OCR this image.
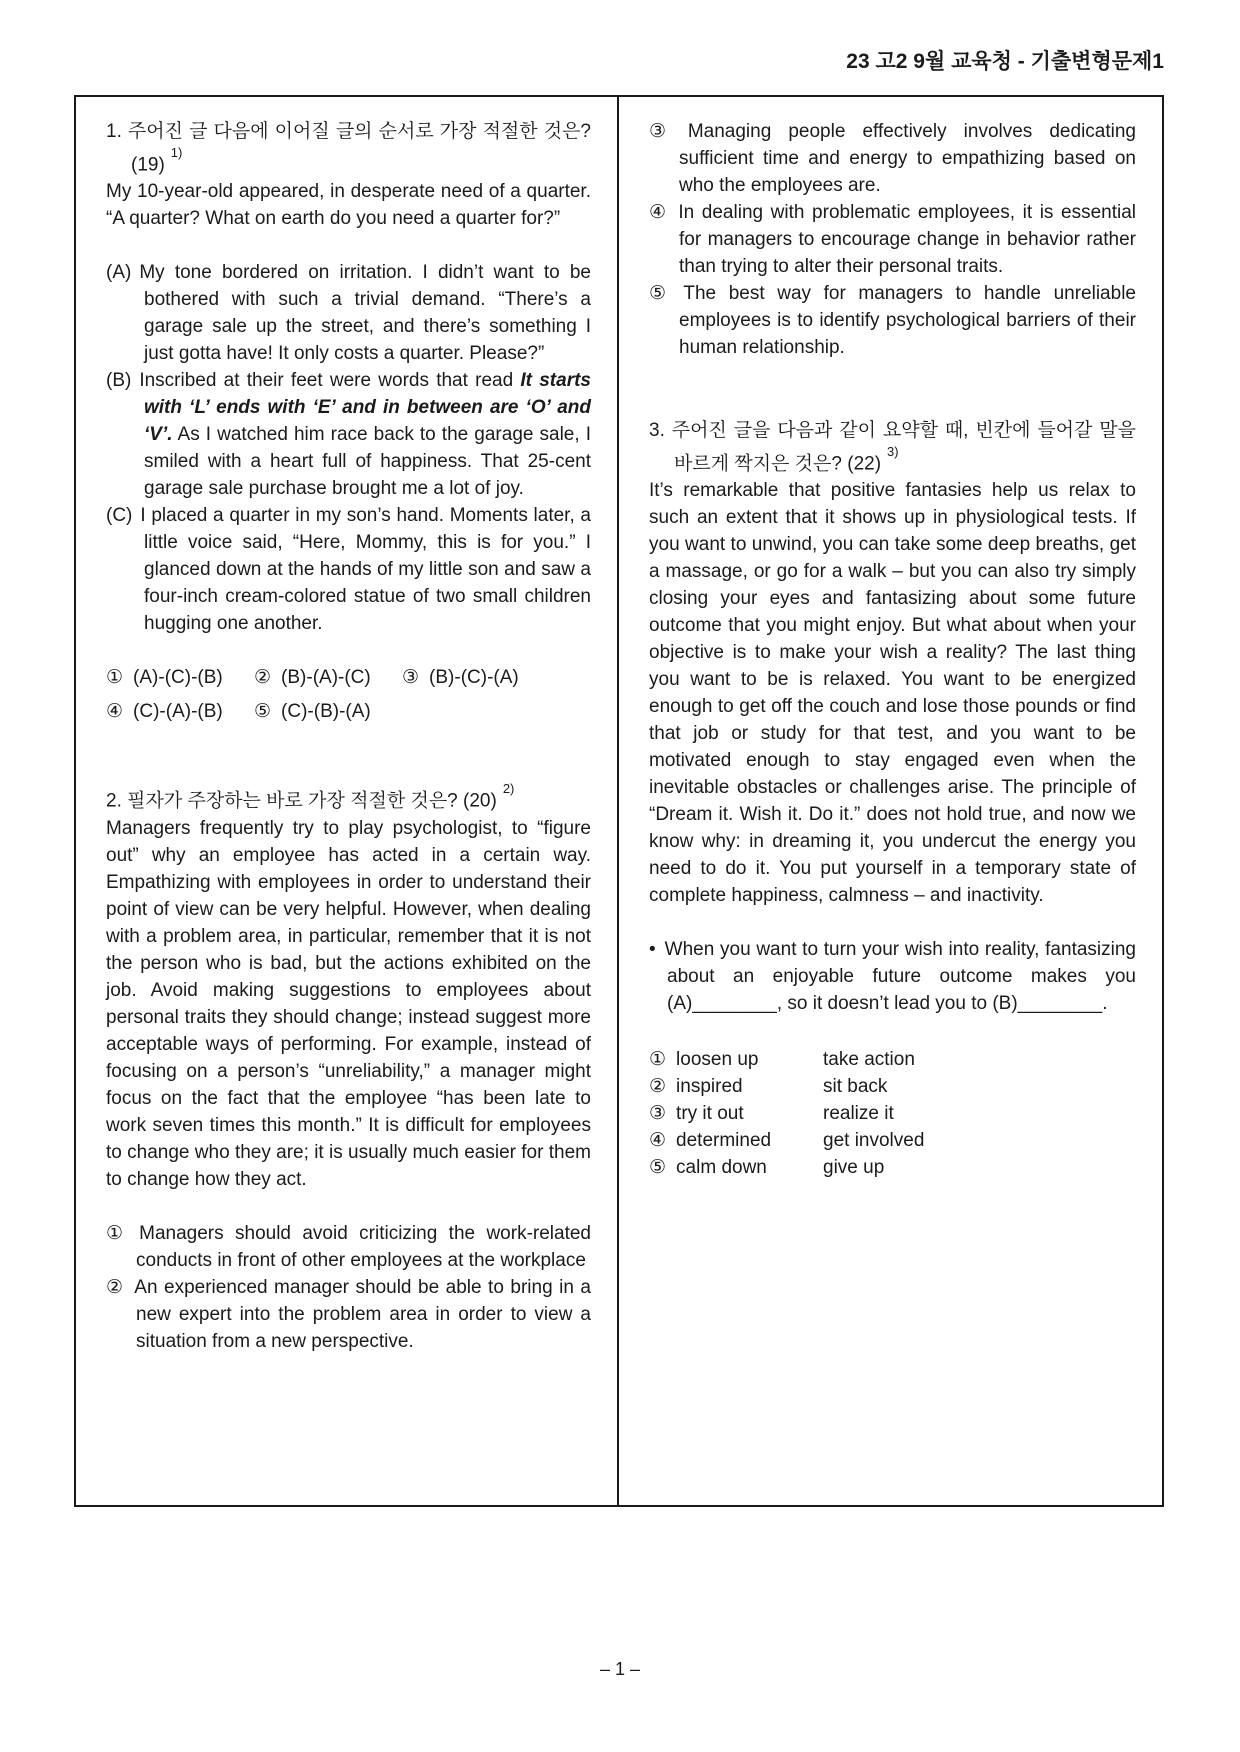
23 고2 9월 교육청 - 기출변형문제1

1. 주어진 글 다음에 이어질 글의 순서로 가장 적절한 것은? (19)$^{1)}$

My 10-year-old appeared, in desperate need of a quarter. “A quarter? What on earth do you need a quarter for?”

(A) My tone bordered on irritation. I didn’t want to be bothered with such a trivial demand. “There’s a garage sale up the street, and there’s something I just gotta have! It only costs a quarter. Please?”

(B) Inscribed at their feet were words that read It starts with ‘L’ ends with ‘E’ and in between are ‘O’ and ‘V’. As I watched him race back to the garage sale, I smiled with a heart full of happiness. That 25-cent garage sale purchase brought me a lot of joy.

(C) I placed a quarter in my son’s hand. Moments later, a little voice said, “Here, Mommy, this is for you.” I glanced down at the hands of my little son and saw a four-inch cream-colored statue of two small children hugging one another.

① (A)-(C)-(B)	② (B)-(A)-(C)	③ (B)-(C)-(A)
④ (C)-(A)-(B)	⑤ (C)-(B)-(A)

2. 필자가 주장하는 바로 가장 적절한 것은? (20)$^{2)}$

Managers frequently try to play psychologist, to “figure out” why an employee has acted in a certain way. Empathizing with employees in order to understand their point of view can be very helpful. However, when dealing with a problem area, in particular, remember that it is not the person who is bad, but the actions exhibited on the job. Avoid making suggestions to employees about personal traits they should change; instead suggest more acceptable ways of performing. For example, instead of focusing on a person’s “unreliability,” a manager might focus on the fact that the employee “has been late to work seven times this month.” It is difficult for employees to change who they are; it is usually much easier for them to change how they act.

① Managers should avoid criticizing the work-related conducts in front of other employees at the workplace

② An experienced manager should be able to bring in a new expert into the problem area in order to view a situation from a new perspective.

③ Managing people effectively involves dedicating sufficient time and energy to empathizing based on who the employees are.

④ In dealing with problematic employees, it is essential for managers to encourage change in behavior rather than trying to alter their personal traits.

⑤ The best way for managers to handle unreliable employees is to identify psychological barriers of their human relationship.

3. 주어진 글을 다음과 같이 요약할 때, 빈칸에 들어갈 말을 바르게 짝지은 것은? (22)$^{3)}$

It’s remarkable that positive fantasies help us relax to such an extent that it shows up in physiological tests. If you want to unwind, you can take some deep breaths, get a massage, or go for a walk – but you can also try simply closing your eyes and fantasizing about some future outcome that you might enjoy. But what about when your objective is to make your wish a reality? The last thing you want to be is relaxed. You want to be energized enough to get off the couch and lose those pounds or find that job or study for that test, and you want to be motivated enough to stay engaged even when the inevitable obstacles or challenges arise. The principle of “Dream it. Wish it. Do it.” does not hold true, and now we know why: in dreaming it, you undercut the energy you need to do it. You put yourself in a temporary state of complete happiness, calmness – and inactivity.

• When you want to turn your wish into reality, fantasizing about an enjoyable future outcome makes you (A)________, so it doesn’t lead you to (B)________.

① loosen up	take action
② inspired	sit back
③ try it out	realize it
④ determined	get involved
⑤ calm down	give up
– 1 –
